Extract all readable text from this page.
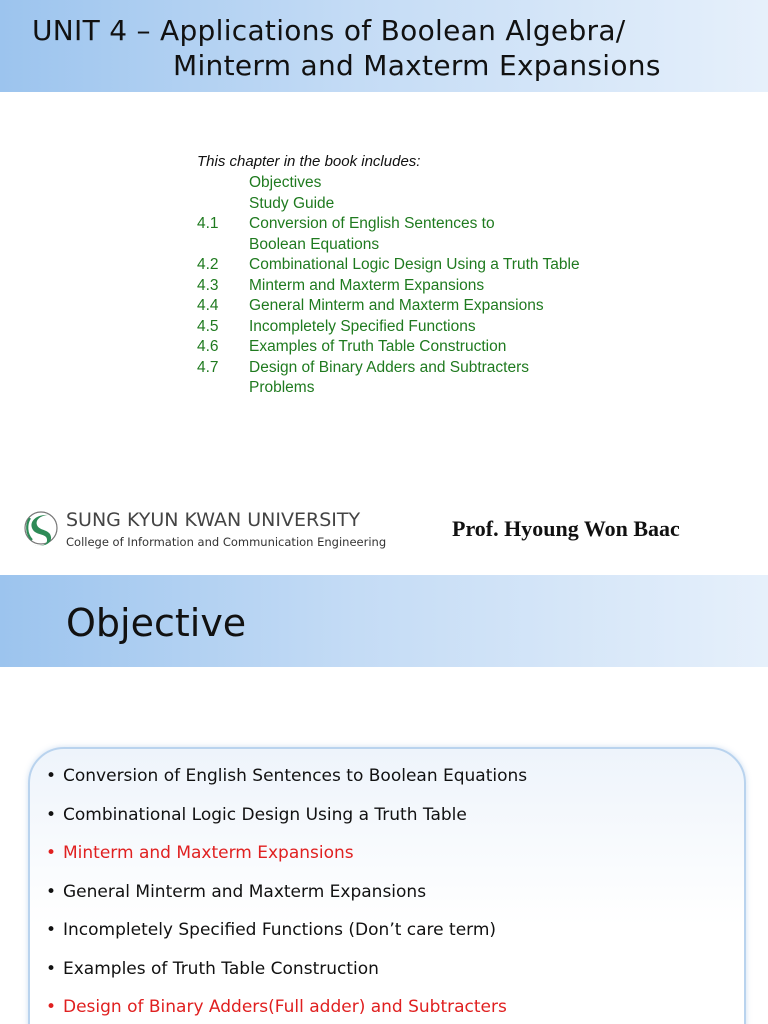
UNIT 4 – Applications of Boolean Algebra/
Minterm and Maxterm Expansions
This chapter in the book includes:
Objectives
Study Guide
4.1	Conversion of English Sentences to
Boolean Equations
4.2	Combinational Logic Design Using a Truth Table
4.3	Minterm and Maxterm Expansions
4.4	General Minterm and Maxterm Expansions
4.5	Incompletely Specified Functions
4.6	Examples of Truth Table Construction
4.7	Design of Binary Adders and Subtracters
Problems
SUNG KYUN KWAN UNIVERSITY
College of Information and Communication Engineering
Prof. Hyoung Won Baac
Objective
• Conversion of English Sentences to Boolean Equations
• Combinational Logic Design Using a Truth Table
• Minterm and Maxterm Expansions
• General Minterm and Maxterm Expansions
• Incompletely Specified Functions (Don’t care term)
• Examples of Truth Table Construction
• Design of Binary Adders(Full adder) and Subtracters
